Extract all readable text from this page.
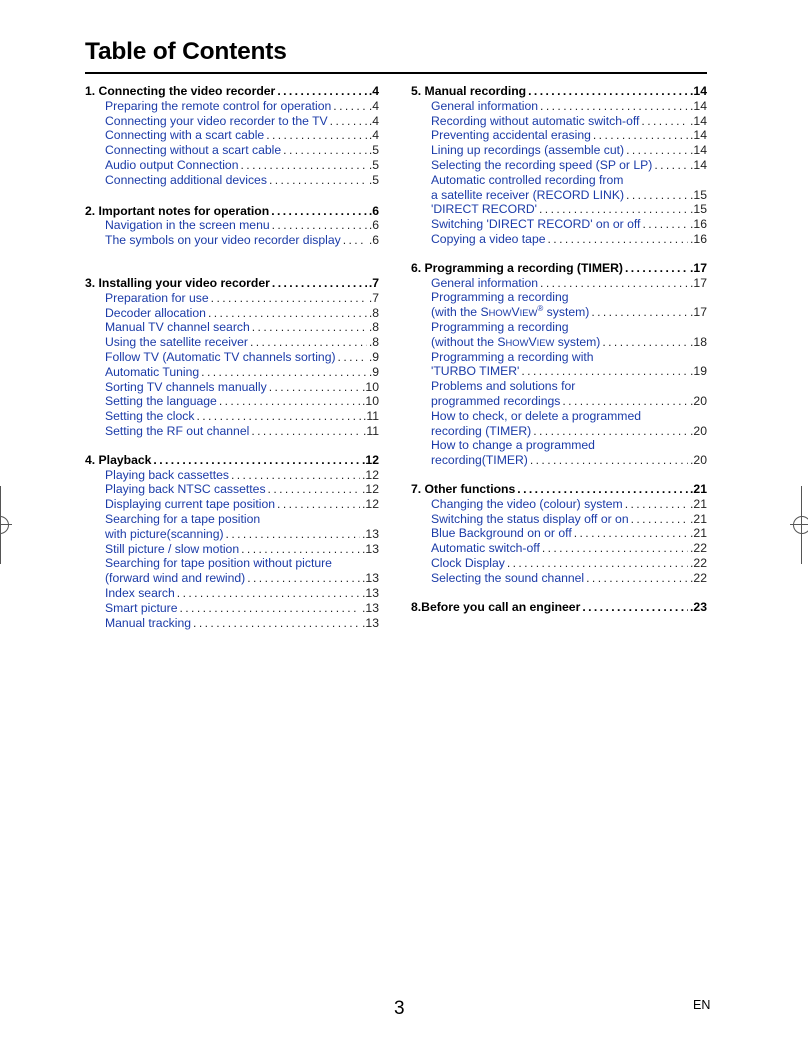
Table of Contents
1. Connecting the video recorder .....	.4
Preparing the remote control for operation .....	.4
Connecting your video recorder to the TV .....	.4
Connecting with a scart cable .....	.4
Connecting without a scart cable .....	.5
Audio output Connection .....	.5
Connecting additional devices .....	.5
2. Important notes for operation .....	.6
Navigation in the screen menu .....	.6
The symbols on your video recorder display ..... .6
3. Installing your video recorder .....	.7
Preparation for use .....	.7
Decoder allocation .....	.8
Manual TV channel search .....	.8
Using the satellite receiver .....	.8
Follow TV (Automatic TV channels sorting) .....	.9
Automatic Tuning .....	.9
Sorting TV channels manually .....	.10
Setting the language .....	.10
Setting the clock .....	.11
Setting the RF out channel .....	.11
4. Playback .....	.12
Playing back cassettes .....	.12
Playing back NTSC cassettes .....	.12
Displaying current tape position .....	.12
Searching for a tape position
with picture(scanning) .....	.13
Still picture / slow motion .....	.13
Searching for tape position without picture
(forward wind and rewind) .....	.13
Index search .....	.13
Smart picture .....	.13
Manual tracking .....	.13
5. Manual recording .....	.14
General information .....	.14
Recording without automatic switch-off .....	.14
Preventing accidental erasing .....	.14
Lining up recordings (assemble cut) .....	.14
Selecting the recording speed (SP or LP) .....	.14
Automatic controlled recording from
a satellite receiver (RECORD LINK) .....	.15
'DIRECT RECORD' .....	.15
Switching 'DIRECT RECORD' on or off .....	.16
Copying a video tape .....	.16
6. Programming a recording (TIMER) .....	.17
General information .....	.17
Programming a recording
(with the SHOWVIEW® system) .....	.17
Programming a recording
(without the SHOWVIEW system) .....	.18
Programming a recording with
'TURBO TIMER' .....	.19
Problems and solutions for
programmed recordings .....	.20
How to check, or delete a programmed
recording (TIMER) .....	.20
How to change a programmed
recording(TIMER) .....	.20
7. Other functions .....	.21
Changing the video (colour) system .....	.21
Switching the status display off or on .....	.21
Blue Background on or off .....	.21
Automatic switch-off .....	.22
Clock Display .....	.22
Selecting the sound channel .....	.22
8.Before you call an engineer .....	.23
3	EN
